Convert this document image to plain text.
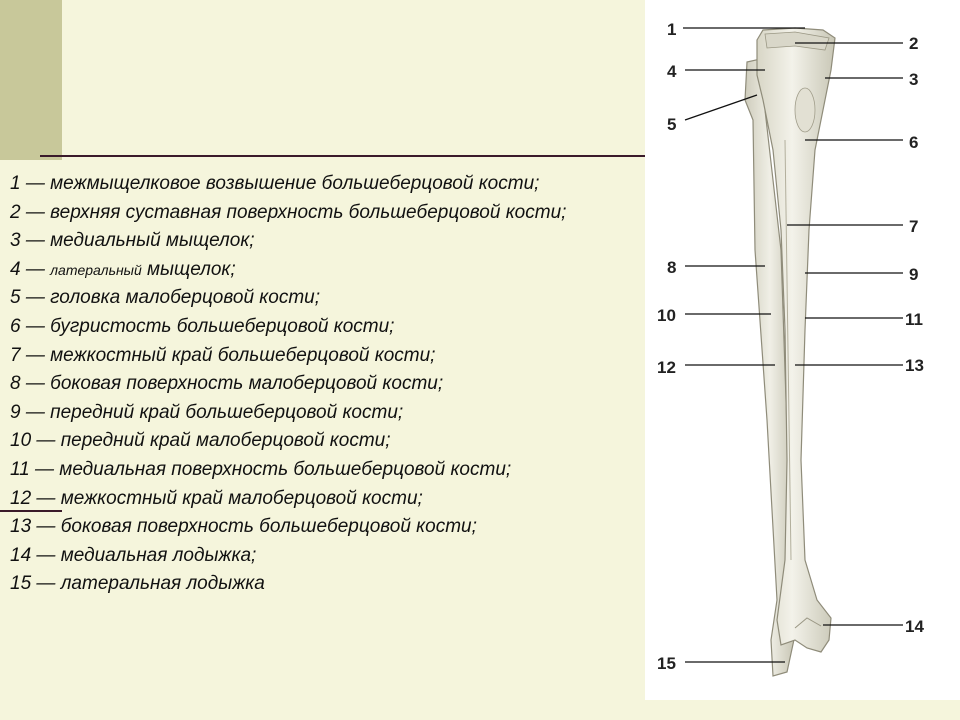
1 — межмыщелковое возвышение большеберцовой кости;
2 — верхняя суставная поверхность большеберцовой кости;
3 — медиальный мыщелок;
4 — латеральный мыщелок;
5 — головка малоберцовой кости;
6 — бугристость большеберцовой кости;
7 — межкостный край большеберцовой кости;
8 — боковая поверхность малоберцовой кости;
9 — передний край большеберцовой кости;
10 — передний край малоберцовой кости;
11 — медиальная поверхность большеберцовой кости;
12 — межкостный край малоберцовой кости;
13 — боковая поверхность большеберцовой кости;
14 — медиальная лодыжка;
15 — латеральная лодыжка
1
2
3
4
5
6
7
8	9
10	11
12	13
14
15
